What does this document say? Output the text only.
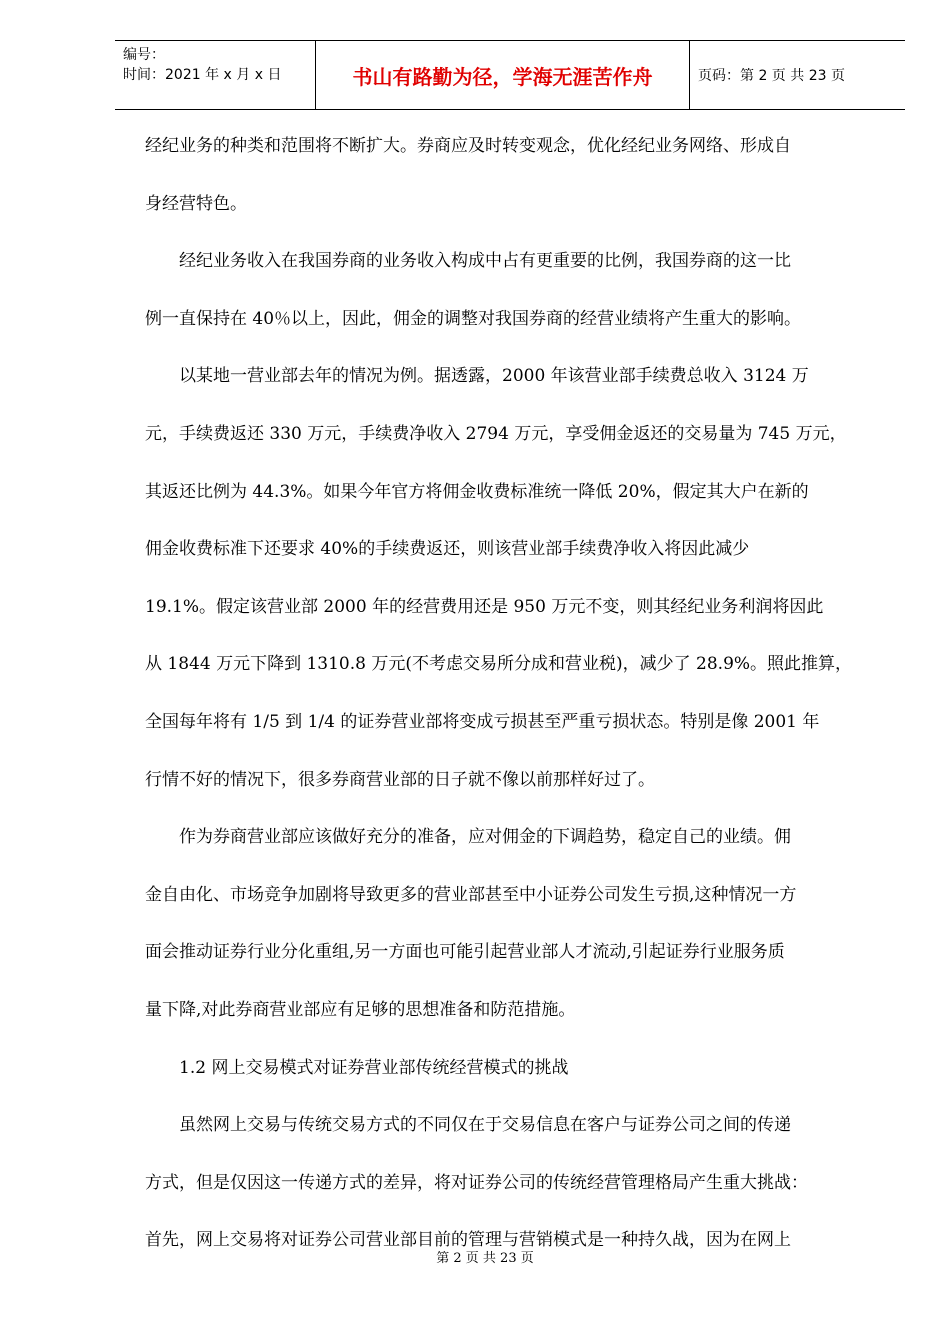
编号：
时间：2021 年 x 月 x 日	书山有路勤为径，学海无涯苦作舟	页码：第 2 页 共 23 页
经纪业务的种类和范围将不断扩大。券商应及时转变观念，优化经纪业务网络、形成自
身经营特色。
　　经纪业务收入在我国券商的业务收入构成中占有更重要的比例，我国券商的这一比
例一直保持在 40％以上，因此，佣金的调整对我国券商的经营业绩将产生重大的影响。
　　以某地一营业部去年的情况为例。据透露，2000 年该营业部手续费总收入 3124 万
元，手续费返还 330 万元，手续费净收入 2794 万元，享受佣金返还的交易量为 745 万元，
其返还比例为 44.3%。如果今年官方将佣金收费标准统一降低 20%，假定其大户在新的
佣金收费标准下还要求 40%的手续费返还，则该营业部手续费净收入将因此减少
19.1%。假定该营业部 2000 年的经营费用还是 950 万元不变，则其经纪业务利润将因此
从 1844 万元下降到 1310.8 万元(不考虑交易所分成和营业税)，减少了 28.9%。照此推算，
全国每年将有 1/5 到 1/4 的证券营业部将变成亏损甚至严重亏损状态。特别是像 2001 年
行情不好的情况下，很多券商营业部的日子就不像以前那样好过了。
　　作为券商营业部应该做好充分的准备，应对佣金的下调趋势，稳定自己的业绩。佣
金自由化、市场竞争加剧将导致更多的营业部甚至中小证券公司发生亏损,这种情况一方
面会推动证券行业分化重组,另一方面也可能引起营业部人才流动,引起证券行业服务质
量下降,对此券商营业部应有足够的思想准备和防范措施。
　　1.2 网上交易模式对证券营业部传统经营模式的挑战
　　虽然网上交易与传统交易方式的不同仅在于交易信息在客户与证券公司之间的传递
方式，但是仅因这一传递方式的差异，将对证券公司的传统经营管理格局产生重大挑战：
首先，网上交易将对证券公司营业部目前的管理与营销模式是一种持久战，因为在网上
第 2 页 共 23 页
